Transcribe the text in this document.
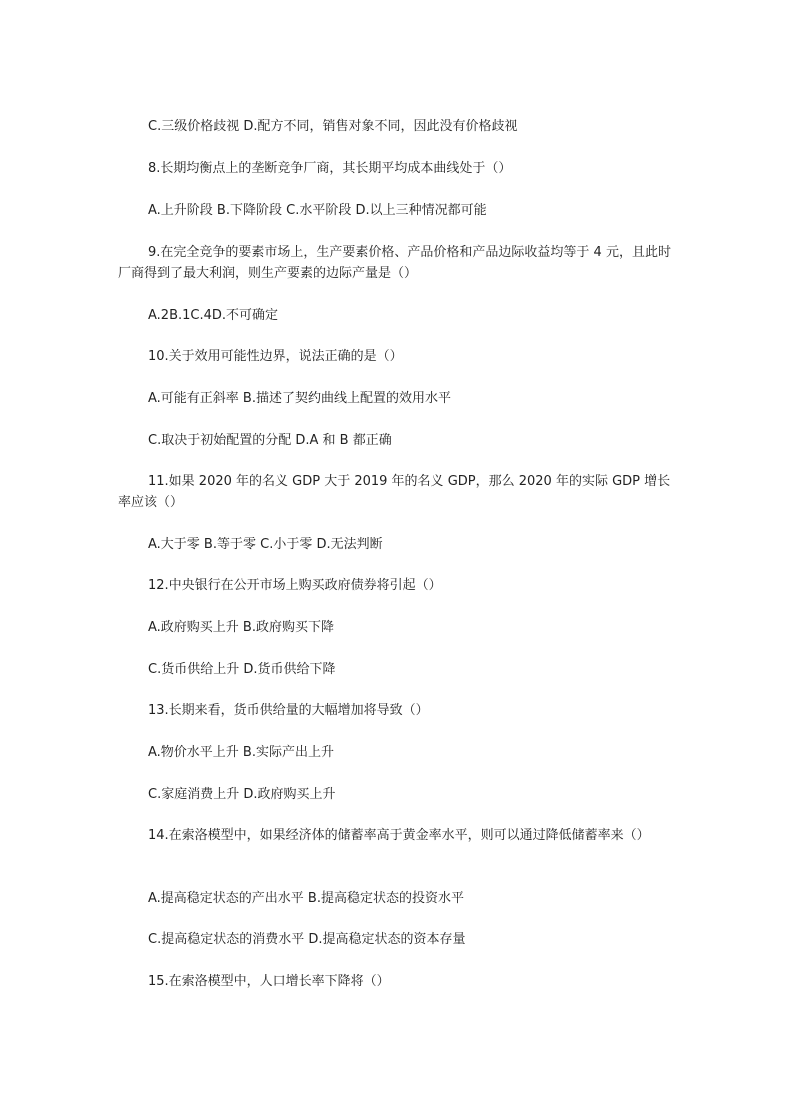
C.三级价格歧视 D.配方不同，销售对象不同，因此没有价格歧视

8.长期均衡点上的垄断竞争厂商，其长期平均成本曲线处于（）

A.上升阶段 B.下降阶段 C.水平阶段 D.以上三种情况都可能

9.在完全竞争的要素市场上，生产要素价格、产品价格和产品边际收益均等于 4 元，且此时厂商得到了最大利润，则生产要素的边际产量是（）

A.2B.1C.4D.不可确定

10.关于效用可能性边界，说法正确的是（）

A.可能有正斜率 B.描述了契约曲线上配置的效用水平

C.取决于初始配置的分配 D.A 和 B 都正确

11.如果 2020 年的名义 GDP 大于 2019 年的名义 GDP，那么 2020 年的实际 GDP 增长率应该（）

A.大于零 B.等于零 C.小于零 D.无法判断

12.中央银行在公开市场上购买政府债券将引起（）

A.政府购买上升 B.政府购买下降

C.货币供给上升 D.货币供给下降

13.长期来看，货币供给量的大幅增加将导致（）

A.物价水平上升 B.实际产出上升

C.家庭消费上升 D.政府购买上升

14.在索洛模型中，如果经济体的储蓄率高于黄金率水平，则可以通过降低储蓄率来（）

A.提高稳定状态的产出水平 B.提高稳定状态的投资水平

C.提高稳定状态的消费水平 D.提高稳定状态的资本存量

15.在索洛模型中，人口增长率下降将（）
